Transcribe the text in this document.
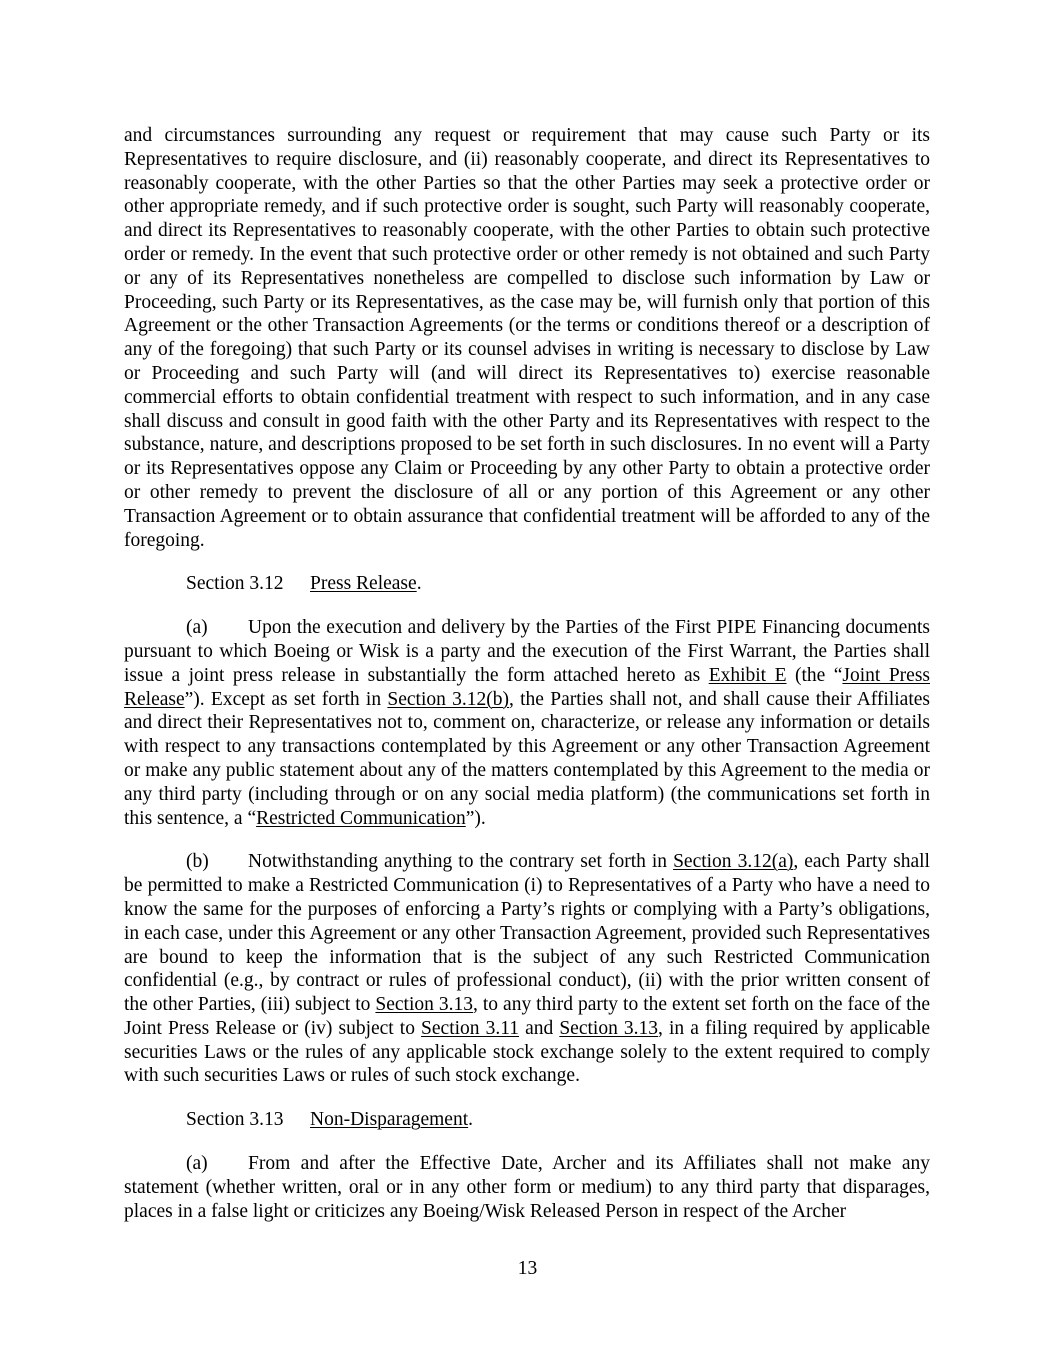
and circumstances surrounding any request or requirement that may cause such Party or its Representatives to require disclosure, and (ii) reasonably cooperate, and direct its Representatives to reasonably cooperate, with the other Parties so that the other Parties may seek a protective order or other appropriate remedy, and if such protective order is sought, such Party will reasonably cooperate, and direct its Representatives to reasonably cooperate, with the other Parties to obtain such protective order or remedy. In the event that such protective order or other remedy is not obtained and such Party or any of its Representatives nonetheless are compelled to disclose such information by Law or Proceeding, such Party or its Representatives, as the case may be, will furnish only that portion of this Agreement or the other Transaction Agreements (or the terms or conditions thereof or a description of any of the foregoing) that such Party or its counsel advises in writing is necessary to disclose by Law or Proceeding and such Party will (and will direct its Representatives to) exercise reasonable commercial efforts to obtain confidential treatment with respect to such information, and in any case shall discuss and consult in good faith with the other Party and its Representatives with respect to the substance, nature, and descriptions proposed to be set forth in such disclosures. In no event will a Party or its Representatives oppose any Claim or Proceeding by any other Party to obtain a protective order or other remedy to prevent the disclosure of all or any portion of this Agreement or any other Transaction Agreement or to obtain assurance that confidential treatment will be afforded to any of the foregoing.

Section 3.12 Press Release.

(a) Upon the execution and delivery by the Parties of the First PIPE Financing documents pursuant to which Boeing or Wisk is a party and the execution of the First Warrant, the Parties shall issue a joint press release in substantially the form attached hereto as Exhibit E (the “Joint Press Release”). Except as set forth in Section 3.12(b), the Parties shall not, and shall cause their Affiliates and direct their Representatives not to, comment on, characterize, or release any information or details with respect to any transactions contemplated by this Agreement or any other Transaction Agreement or make any public statement about any of the matters contemplated by this Agreement to the media or any third party (including through or on any social media platform) (the communications set forth in this sentence, a “Restricted Communication”).

(b) Notwithstanding anything to the contrary set forth in Section 3.12(a), each Party shall be permitted to make a Restricted Communication (i) to Representatives of a Party who have a need to know the same for the purposes of enforcing a Party’s rights or complying with a Party’s obligations, in each case, under this Agreement or any other Transaction Agreement, provided such Representatives are bound to keep the information that is the subject of any such Restricted Communication confidential (e.g., by contract or rules of professional conduct), (ii) with the prior written consent of the other Parties, (iii) subject to Section 3.13, to any third party to the extent set forth on the face of the Joint Press Release or (iv) subject to Section 3.11 and Section 3.13, in a filing required by applicable securities Laws or the rules of any applicable stock exchange solely to the extent required to comply with such securities Laws or rules of such stock exchange.

Section 3.13 Non-Disparagement.

(a) From and after the Effective Date, Archer and its Affiliates shall not make any statement (whether written, oral or in any other form or medium) to any third party that disparages, places in a false light or criticizes any Boeing/Wisk Released Person in respect of the Archer

13
